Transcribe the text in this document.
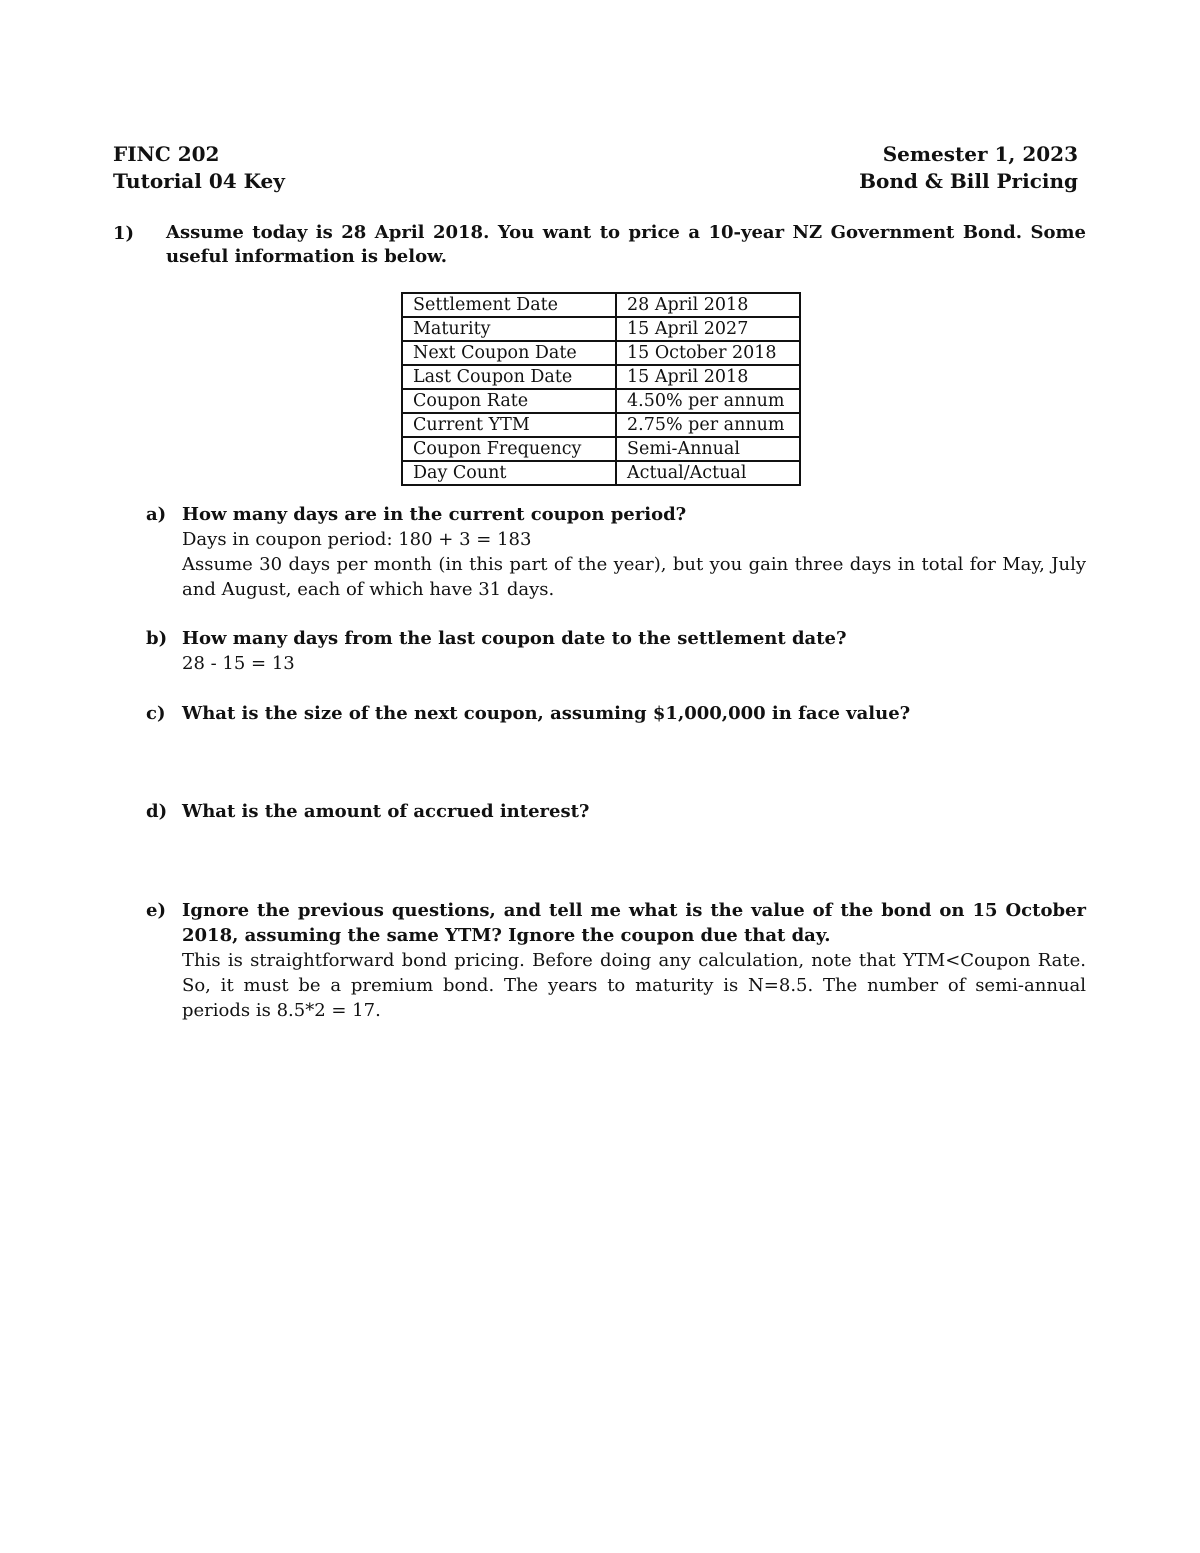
FINC 202
Tutorial 04 Key
Semester 1, 2023
Bond & Bill Pricing
1) Assume today is 28 April 2018. You want to price a 10-year NZ Government Bond. Some useful information is below.
Settlement Date	28 April 2018
Maturity	15 April 2027
Next Coupon Date	15 October 2018
Last Coupon Date	15 April 2018
Coupon Rate	4.50% per annum
Current YTM	2.75% per annum
Coupon Frequency	Semi-Annual
Day Count	Actual/Actual
a) How many days are in the current coupon period?
Days in coupon period: 180 + 3 = 183
Assume 30 days per month (in this part of the year), but you gain three days in total for May, July and August, each of which have 31 days.
b) How many days from the last coupon date to the settlement date?
28 - 15 = 13
c) What is the size of the next coupon, assuming $1,000,000 in face value?
d) What is the amount of accrued interest?
e) Ignore the previous questions, and tell me what is the value of the bond on 15 October 2018, assuming the same YTM? Ignore the coupon due that day.
This is straightforward bond pricing. Before doing any calculation, note that YTM<Coupon Rate. So, it must be a premium bond. The years to maturity is N=8.5. The number of semi-annual periods is 8.5*2 = 17.
